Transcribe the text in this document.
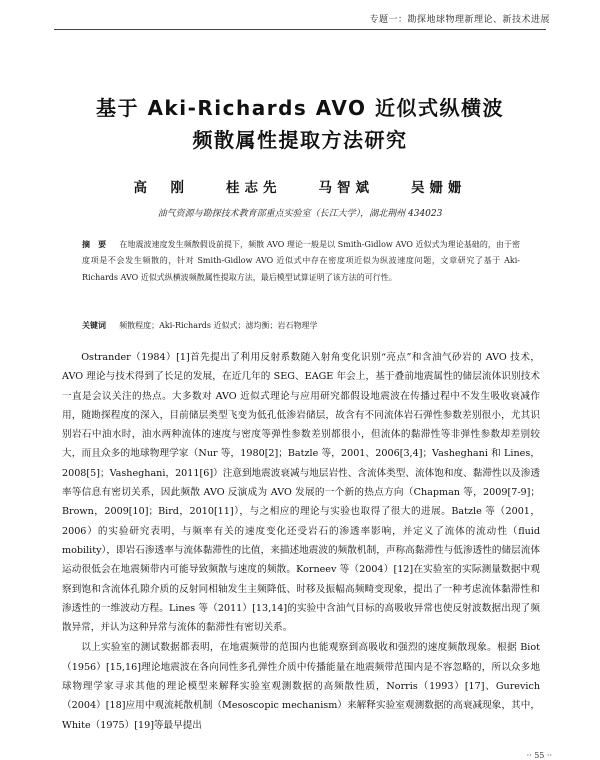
专题一：勘探地球物理新理论、新技术进展
基于 Aki-Richards AVO 近似式纵横波
频散属性提取方法研究
高　刚　　桂志先　　马智斌　　吴姗姗
油气资源与勘探技术教育部重点实验室（长江大学），湖北荆州 434023
摘　要 　 在地震波速度发生频散假设前提下，频散 AVO 理论一般是以 Smith-Gidlow AVO 近似式为理论基础的，由于密度项是不会发生频散的，针对 Smith-Gidlow AVO 近似式中存在密度项近似为纵波速度问题，文章研究了基于 Aki-Richards AVO 近似式纵横波频散属性提取方法，最后模型试算证明了该方法的可行性。
关键词 　 频散程度；Aki-Richards 近似式；滤均衡；岩石物理学

Ostrander（1984）[1]首先提出了利用反射系数随入射角变化识别“亮点”和含油气砂岩的 AVO 技术，AVO 理论与技术得到了长足的发展，在近几年的 SEG、EAGE 年会上，基于叠前地震属性的储层流体识别技术一直是会议关注的热点。大多数对 AVO 近似式理论与应用研究都假设地震波在传播过程中不发生吸收衰减作用，随勘探程度的深入，目前储层类型飞变为低孔低渗岩储层，故含有不同流体岩石弹性参数差别很小，尤其识别岩石中油水时，油水两种流体的速度与密度等弹性参数差别都很小，但流体的黏滞性等非弹性参数却差别较大，而且众多的地球物理学家（Nur 等，1980[2]；Batzle 等，2001、2006[3,4]；Vasheghani 和 Lines，2008[5]；Vasheghani，2011[6]）注意到地震波衰减与地层岩性、含流体类型、流体饱和度、黏滞性以及渗透率等信息有密切关系，因此频散 AVO 反演成为 AVO 发展的一个新的热点方向（Chapman 等，2009[7-9]；Brown，2009[10]；Bird，2010[11]），与之相应的理论与实验也取得了很大的进展。Batzle 等（2001，2006）的实验研究表明，与频率有关的速度变化还受岩石的渗透率影响，并定义了流体的流动性（fluid mobility），即岩石渗透率与流体黏滞性的比值，来描述地震波的频散机制，声称高黏滞性与低渗透性的储层流体运动很低会在地震频带内可能导致频散与速度的频散。Korneev 等（2004）[12]在实验室的实际测量数据中观察到饱和含流体孔隙介质的反射同相轴发生主频降低、时移及振幅高频畸变现象，提出了一种考虑流体黏滞性和渗透性的一维波动方程。Lines 等（2011）[13,14]的实验中含油气目标的高吸收异常也使反射波数据出现了频散异常，并认为这种异常与流体的黏滞性有密切关系。

以上实验室的测试数据都表明，在地震频带的范围内也能观察到高吸收和强烈的速度频散现象。根据 Biot（1956）[15,16]理论地震波在各向同性多孔弹性介质中传播能量在地震频带范围内是不容忽略的，所以众多地球物理学家寻求其他的理论模型来解释实验室观测数据的高频散性质，Norris（1993）[17]、Gurevich（2004）[18]应用中观流耗散机制（Mesoscopic mechanism）来解释实验室观测数据的高衰减现象，其中，White（1975）[19]等最早提出

·· 55 ··
